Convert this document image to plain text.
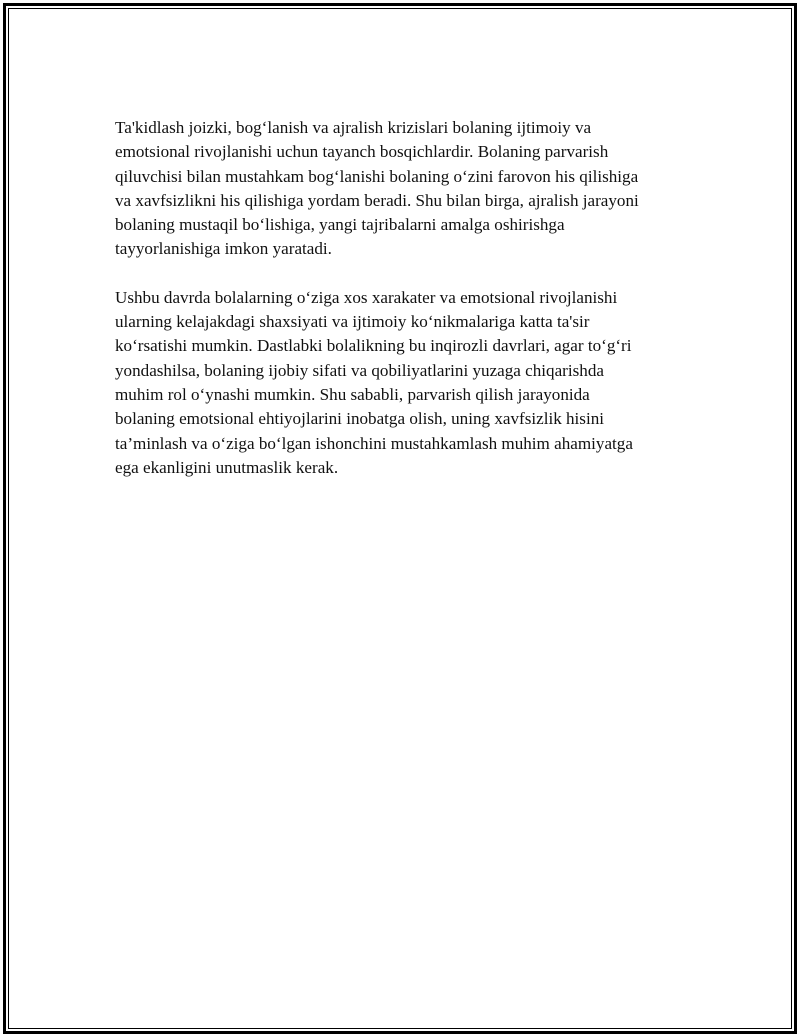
Ta'kidlash joizki, bog‘lanish va ajralish krizislari bolaning ijtimoiy va
emotsional rivojlanishi uchun tayanch bosqichlardir. Bolaning parvarish
qiluvchisi bilan mustahkam bog‘lanishi bolaning o‘zini farovon his qilishiga
va xavfsizlikni his qilishiga yordam beradi. Shu bilan birga, ajralish jarayoni
bolaning mustaqil bo‘lishiga, yangi tajribalarni amalga oshirishga
tayyorlanishiga imkon yaratadi.

Ushbu davrda bolalarning o‘ziga xos xarakater va emotsional rivojlanishi
ularning kelajakdagi shaxsiyati va ijtimoiy ko‘nikmalariga katta ta'sir
ko‘rsatishi mumkin. Dastlabki bolalikning bu inqirozli davrlari, agar to‘g‘ri
yondashilsa, bolaning ijobiy sifati va qobiliyatlarini yuzaga chiqarishda
muhim rol o‘ynashi mumkin. Shu sababli, parvarish qilish jarayonida
bolaning emotsional ehtiyojlarini inobatga olish, uning xavfsizlik hisini
ta’minlash va o‘ziga bo‘lgan ishonchini mustahkamlash muhim ahamiyatga
ega ekanligini unutmaslik kerak.
